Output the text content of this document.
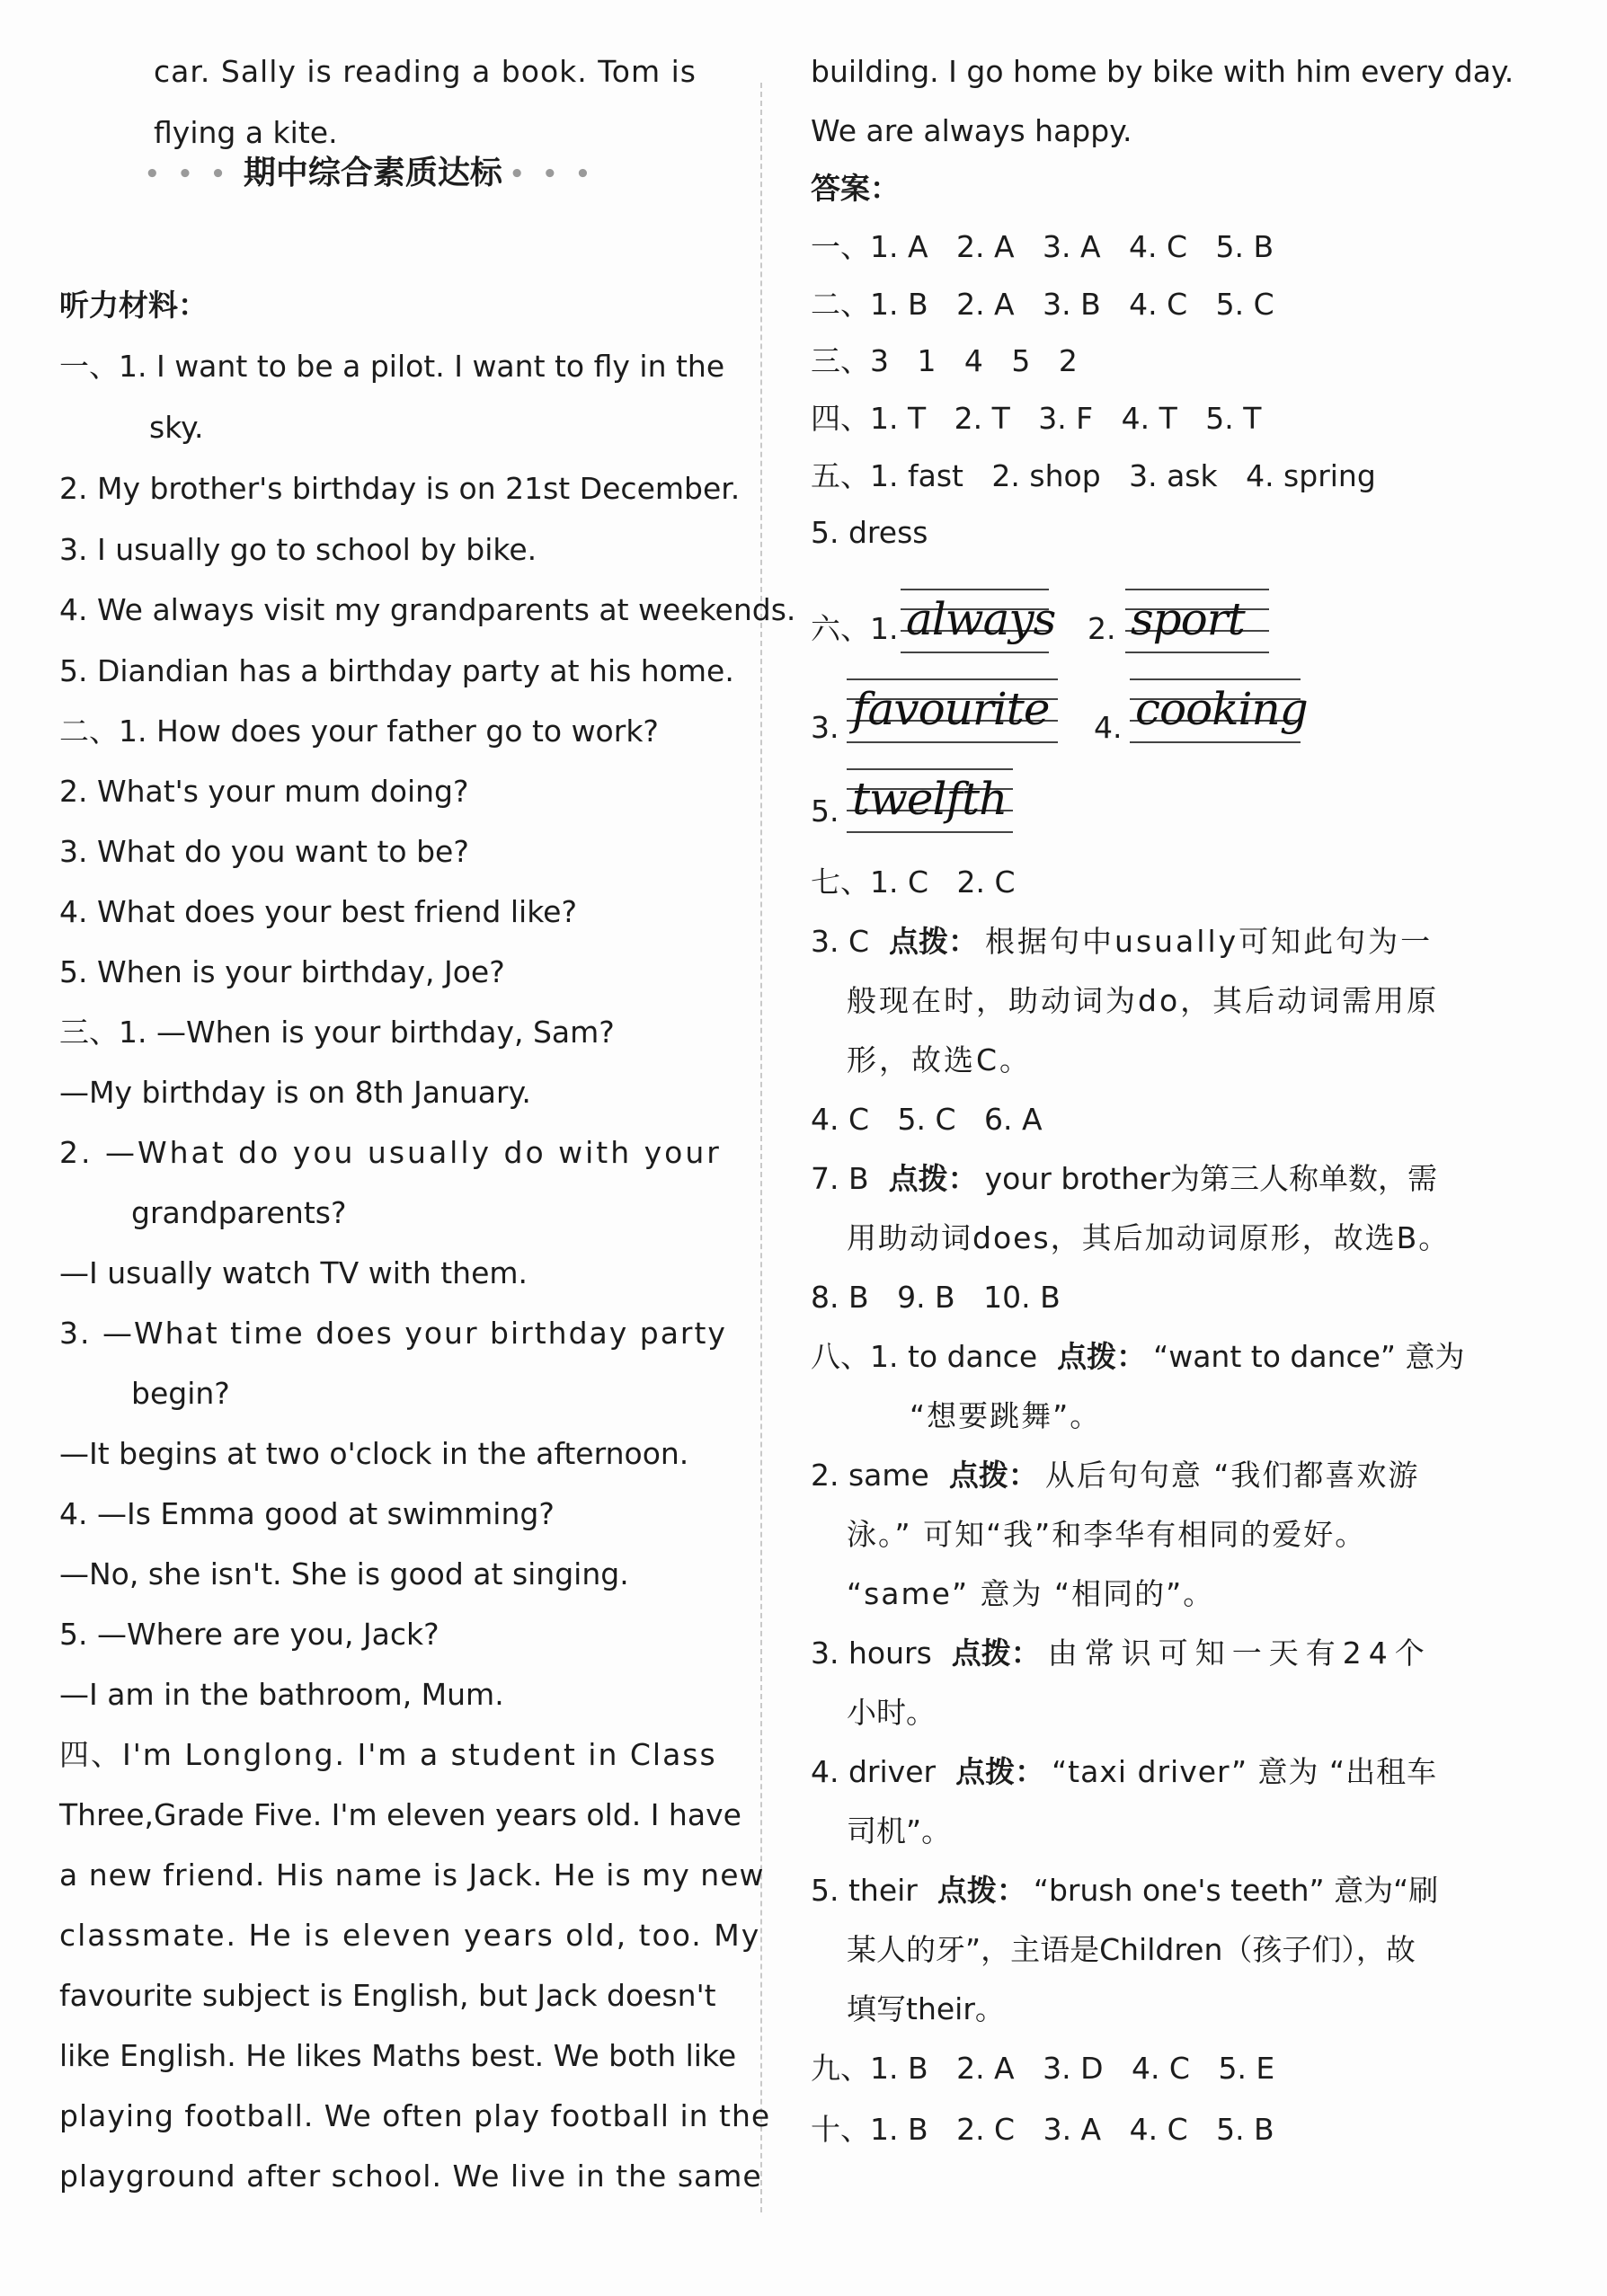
car. Sally is reading a book. Tom is
flying a kite.
•••期中综合素质达标 •••
听力材料：
一、1. I want to be a pilot. I want to fly in the
sky.
2. My brother's birthday is on 21st December.
3. I usually go to school by bike.
4. We always visit my grandparents at weekends.
5. Diandian has a birthday party at his home.
二、1. How does your father go to work?
2. What's your mum doing?
3. What do you want to be?
4. What does your best friend like?
5. When is your birthday, Joe?
三、1. —When is your birthday, Sam?
—My birthday is on 8th January.
2. —What do you usually do with your
grandparents?
—I usually watch TV with them.
3. —What time does your birthday party
begin?
—It begins at two o'clock in the afternoon.
4. —Is Emma good at swimming?
—No, she isn't. She is good at singing.
5. —Where are you, Jack?
—I am in the bathroom, Mum.
四、I'm Longlong. I'm a student in Class
Three,Grade Five. I'm eleven years old. I have
a new friend. His name is Jack. He is my new
classmate. He is eleven years old, too. My
favourite subject is English, but Jack doesn't
like English. He likes Maths best. We both like
playing football. We often play football in the
playground after school. We live in the same
building. I go home by bike with him every day.
We are always happy.
答案：
一、1. A   2. A   3. A   4. C   5. B
二、1. B   2. A   3. B   4. C   5. C
三、3   1   4   5   2
四、1. T   2. T   3. F   4. T   5. T
五、1. fast   2. shop   3. ask   4. spring
5. dress
六、1. always 2. sport
3. favourite 4. cooking
5. twelfth
七、1. C   2. C
3. C 点拨： 根据句中usually可知此句为一
般现在时，助动词为do，其后动词需用原
形，故选C。
4. C   5. C   6. A
7. B 点拨： your brother为第三人称单数，需
用助动词does，其后加动词原形，故选B。
8. B   9. B   10. B
八、1. to dance 点拨： “want to dance” 意为
“想要跳舞”。
2. same 点拨： 从后句句意 “我们都喜欢游
泳。” 可知“我”和李华有相同的爱好。
“same” 意为 “相同的”。
3. hours 点拨： 由常识可知一天有24个
小时。
4. driver 点拨： “taxi driver” 意为 “出租车
司机”。
5. their 点拨： “brush one's teeth” 意为“刷
某人的牙”，主语是Children（孩子们），故
填写their。
九、1. B   2. A   3. D   4. C   5. E
十、1. B   2. C   3. A   4. C   5. B
